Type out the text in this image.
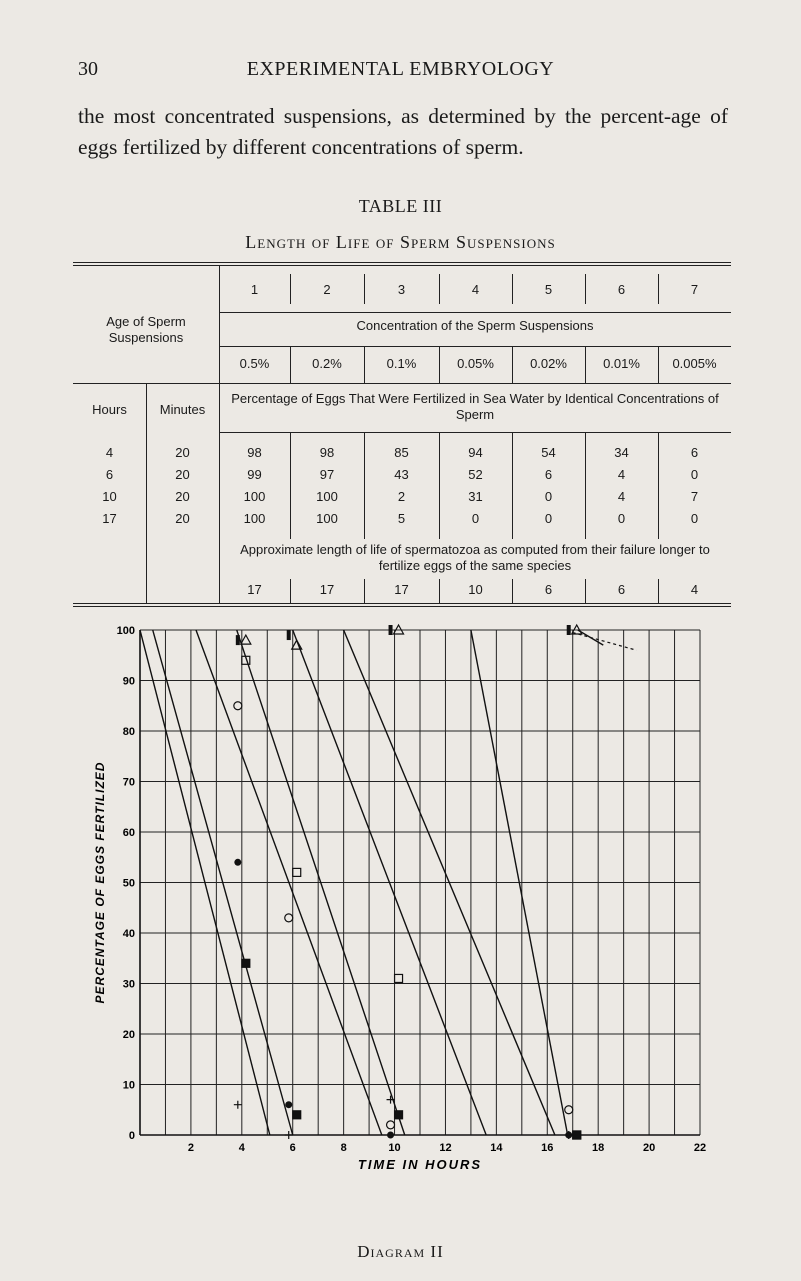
30	EXPERIMENTAL EMBRYOLOGY
the most concentrated suspensions, as determined by the percent-age of eggs fertilized by different concentrations of sperm.
TABLE III
Length of Life of Sperm Suspensions
Age of Sperm Suspensions
Hours	Minutes
1	2	3	4	5	6	7
Concentration of the Sperm Suspensions
0.5%	0.2%	0.1%	0.05%	0.02%	0.01%	0.005%
Percentage of Eggs That Were Fertilized in Sea Water by Identical Concentrations of Sperm
Approximate length of life of spermatozoa as computed from their failure longer to fertilize eggs of the same species
4	20	98	98	85	94	54	34	6
6	20	99	97	43	52	6	4	0
10	20	100	100	2	31	0	4	7
17	20	100	100	5	0	0	0	0
17	17	17	10	6	6	4
0
10
20
30
40
50
60
70
80
90
100
2	4	6	8	10	12	14	16	18	20	22
TIME IN HOURS
PERCENTAGE OF EGGS FERTILIZED
Diagram II
